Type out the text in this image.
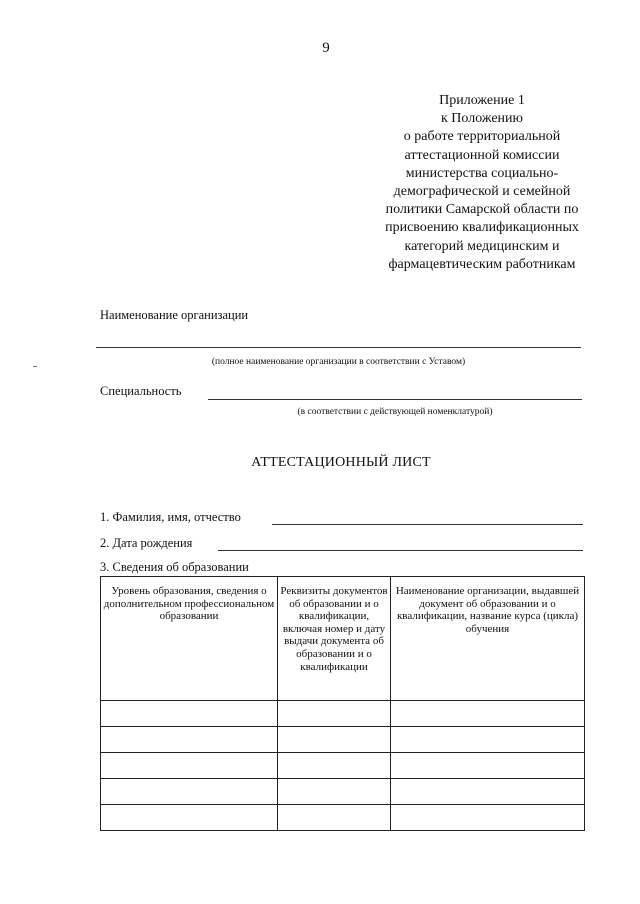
9
Приложение 1
к Положению
о работе территориальной
аттестационной комиссии
министерства социально-
демографической и семейной
политики Самарской области по
присвоению квалификационных
категорий медицинским и
фармацевтическим работникам
Наименование организации
(полное наименование организации в соответствии с Уставом)
Специальность
(в соответствии с действующей номенклатурой)
АТТЕСТАЦИОННЫЙ ЛИСТ
1. Фамилия, имя, отчество
2. Дата рождения
3. Сведения об образовании
Уровень образования, сведения о дополнительном профессиональном образовании	Реквизиты документов об образовании и о квалификации, включая номер и дату выдачи документа об образовании и о квалификации	Наименование организации, выдавшей документ об образовании и о квалификации, название курса (цикла) обучения
